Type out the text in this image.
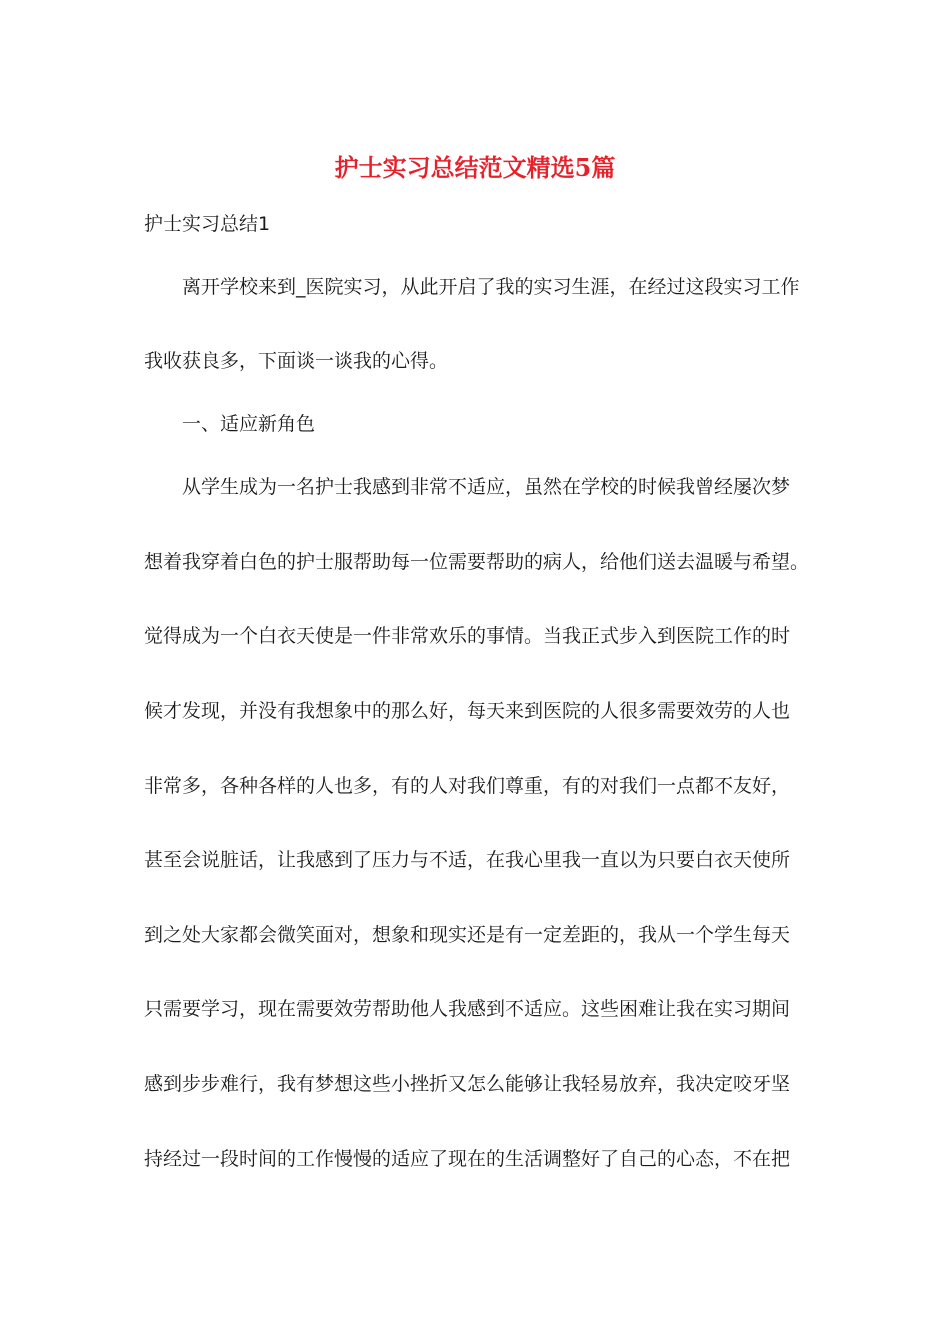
护士实习总结范文精选5篇

护士实习总结1

离开学校来到_医院实习，从此开启了我的实习生涯，在经过这段实习工作

我收获良多，下面谈一谈我的心得。

一、适应新角色

从学生成为一名护士我感到非常不适应，虽然在学校的时候我曾经屡次梦

想着我穿着白色的护士服帮助每一位需要帮助的病人，给他们送去温暖与希望。

觉得成为一个白衣天使是一件非常欢乐的事情。当我正式步入到医院工作的时

候才发现，并没有我想象中的那么好，每天来到医院的人很多需要效劳的人也

非常多，各种各样的人也多，有的人对我们尊重，有的对我们一点都不友好，

甚至会说脏话，让我感到了压力与不适，在我心里我一直以为只要白衣天使所

到之处大家都会微笑面对，想象和现实还是有一定差距的，我从一个学生每天

只需要学习，现在需要效劳帮助他人我感到不适应。这些困难让我在实习期间

感到步步难行，我有梦想这些小挫折又怎么能够让我轻易放弃，我决定咬牙坚

持经过一段时间的工作慢慢的适应了现在的生活调整好了自己的心态，不在把
